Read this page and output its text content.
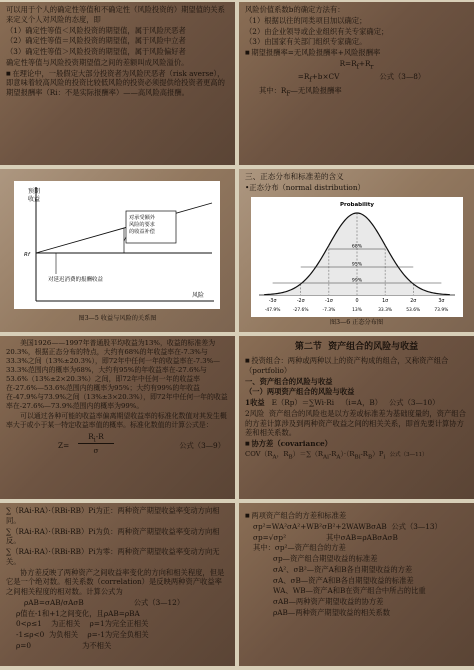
可以用于个人的确定性等值和不确定性（风险投资的）期望值的关系来定义个人对风险的态度，即

（1）确定性等值＜风险投资的期望值，属于风险厌恶者

（2）确定性等值＝风险投资的期望值，属于风险中立者

（3）确定性等值＞风险投资的期望值，属于风险偏好者

确定性等值与风险投资期望值之间的差额叫成风险溢价。

■ 在理论中，一般假定大部分投资者为风险厌恶者（risk averse），即意味着较高风险的投资比较低风险的投资必须提供给投资者更高的期望报酬率（Ri：不是实际报酬率）——高风险高报酬。

风险价值系数b的确定方法有：

（1）根据以往的同类项目加以确定；

（2）由企业领导或企业组织有关专家确定；

（3）由国家有关部门组织专家确定。

■ 期望报酬率=无风险报酬率+风险报酬率

$R=R_f+R_r$

$=R_f+b\times CV$	公式（3—8）

其中：$R_F—$无风险报酬率

预期
收益
对承受额外
风险的要求
的收益补偿
Rf
对延迟消费的报酬收益
风险
图3—5 收益与风险的关系图

三、正态分布和标准差的含义

•正态分布（normal distribution）

Probability
68%
95%
99%
-3σ	-2σ	-1σ	0	1σ	2σ	3σ
-47.9%	-27.6%	-7.3%	13%	33.3%	53.6%	73.9%
图3—6 正态分布图

美国1926——1997年普通股平均收益为13%，收益的标准差为20.3%，根据正态分布的特点，大约有68%的年收益率在-7.3%与33.3%之间（13%±20.3%），即72年中任何一年的收益率在-7.3%—33.3%范围内的概率为68%，大约有95%的年收益率在-27.6%与53.6%（13%±2×20.3%）之间，即72年中任何一年的收益率在-27.6%—53.6%范围内的概率为95%；大约有99%的年收益在-47.9%与73.9%之间（13%±3×20.3%），即72年中任何一年的收益率在-27.6%—73.9%范围内的概率为99%。

可以通过各种可能的收益率偏离期望收益率的标准化数值对其发生概率大于或小于某一特定收益率值的概率。标准化数值的计算公式是：

$R_i-R$
Z=
σ
公式（3—9）

第二节  资产组合的风险与收益

■ 投资组合：两种或两种以上的资产构成的组合，又称资产组合（portfolio）

一、资产组合的风险与收益

（一）两项资产组合的风险与收益

1收益 E（Rp）＝∑Wi·Ri （i=A，B） 公式（3—10）

2风险  资产组合的风险也是以方差或标准差为基础度量的，资产组合的方差计算涉及到两种资产收益之间的相关关系，即首先要计算协方差和相关系数。

■ 协方差（covariance）

$COV(R_A$，$R_B)=\sum(R_{Ai}-R_A)\cdot(R_{Bi}-R_B)P_i$ 公式（3—11）

∑（RAi-RA）·（RBi-RB）Pi为正：两种资产期望收益率变动方向相同。

∑（RAi-RA）·（RBi-RB）Pi为负：两种资产期望收益率变动方向相反。

∑（RAi-RA）·（RBi-RB）Pi为零：两种资产期望收益率变动方向无关。

协方差反映了两种资产之间收益率变化的方向和相关程度，但是它是一个绝对数。相关系数（correlation）是反映两种资产收益率之间相关程度的相对数。计算公式为

ρAB=σAB/σAσB	公式（3—12）

ρ值在-1和+1之间变化，且ρAB=ρBA

0<ρ≤1    为正相关    ρ=1为完全正相关

-1≤ρ<0  为负相关    ρ=-1为完全负相关

ρ=0                      为不相关

■ 两项资产组合的方差和标准差

σp²=WA²σA²+WB²σB²+2WAWBσAB 公式（3—13）

σp=√σp²	其中σAB=ρABσAσB

其中：σp²—资产组合的方差

σp—资产组合期望收益的标准差

σA²、σB²—资产A和B各自期望收益的方差

σA、σB—资产A和B各自期望收益的标准差

WA、WB—资产A和B在资产组合中所占的比重

σAB—两种资产期望收益的协方差

ρAB—两种资产期望收益的相关系数
